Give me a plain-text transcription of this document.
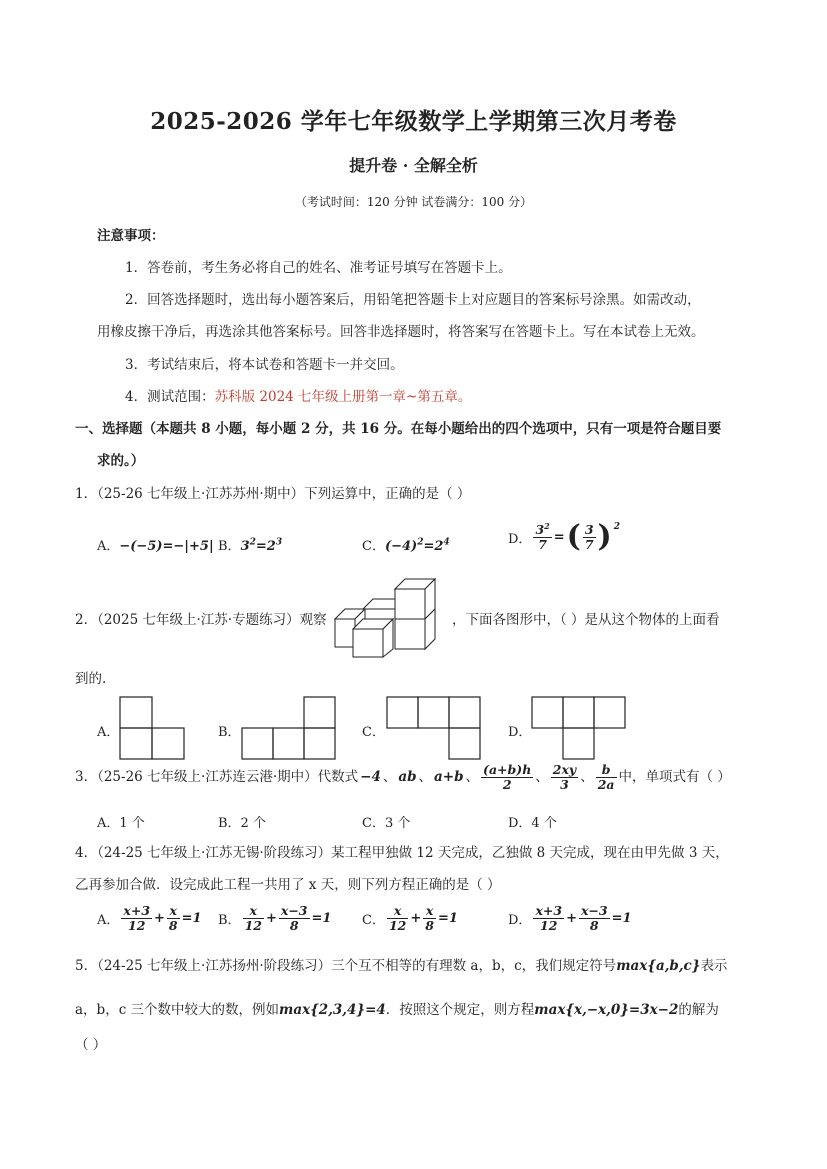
2025-2026 学年七年级数学上学期第三次月考卷
提升卷 · 全解全析
（考试时间：120 分钟 试卷满分：100 分）
注意事项：
1．答卷前，考生务必将自己的姓名、准考证号填写在答题卡上。
2．回答选择题时，选出每小题答案后，用铅笔把答题卡上对应题目的答案标号涂黑。如需改动，
用橡皮擦干净后，再选涂其他答案标号。回答非选择题时，将答案写在答题卡上。写在本试卷上无效。
3．考试结束后，将本试卷和答题卡一并交回。
4．测试范围：苏科版 2024 七年级上册第一章~第五章。
一、选择题（本题共 8 小题，每小题 2 分，共 16 分。在每小题给出的四个选项中，只有一项是符合题目要
求的。）
1．（25-26 七年级上·江苏苏州·期中）下列运算中，正确的是（ ）
A．−(−5)=−|+5| B．$3^2=2^3$	C．$(-4)^2=2^4$	D． $\frac{3^2}{7}$ = ( $\frac{3}{7} )^2$
2．（2025 七年级上·江苏·专题练习）观察	，下面各图形中，（ ）是从这个物体的上面看
到的.
A．	B．	C．	D．
3．（25-26 七年级上·江苏连云港·期中）代数式 −4 、 ab 、 a+b 、 $\frac{(a+b)h}{2}$ 、 $\frac{2xy}{3}$ 、 $\frac{b}{2a}$ 中，单项式有（ ）
A．1 个	B．2 个	C．3 个	D．4 个
4．（24-25 七年级上·江苏无锡·阶段练习）某工程甲独做 12 天完成，乙独做 8 天完成，现在由甲先做 3 天，
乙再参加合做．设完成此工程一共用了 x 天，则下列方程正确的是（ ）
A． $\frac{x+3}{12} + \frac{x}{8} =1$ B． $\frac{x}{12} + \frac{x-3}{8} =1$ C． $\frac{x}{12} + \frac{x}{8} =1$	D． $\frac{x+3}{12} + \frac{x-3}{8} =1$
5．（24-25 七年级上·江苏扬州·阶段练习）三个互不相等的有理数 a，b，c，我们规定符号max{a,b,c}表示
a，b，c 三个数中较大的数，例如max{2,3,4}=4．按照这个规定，则方程max{x,−x,0}=3x−2的解为
（ ）
